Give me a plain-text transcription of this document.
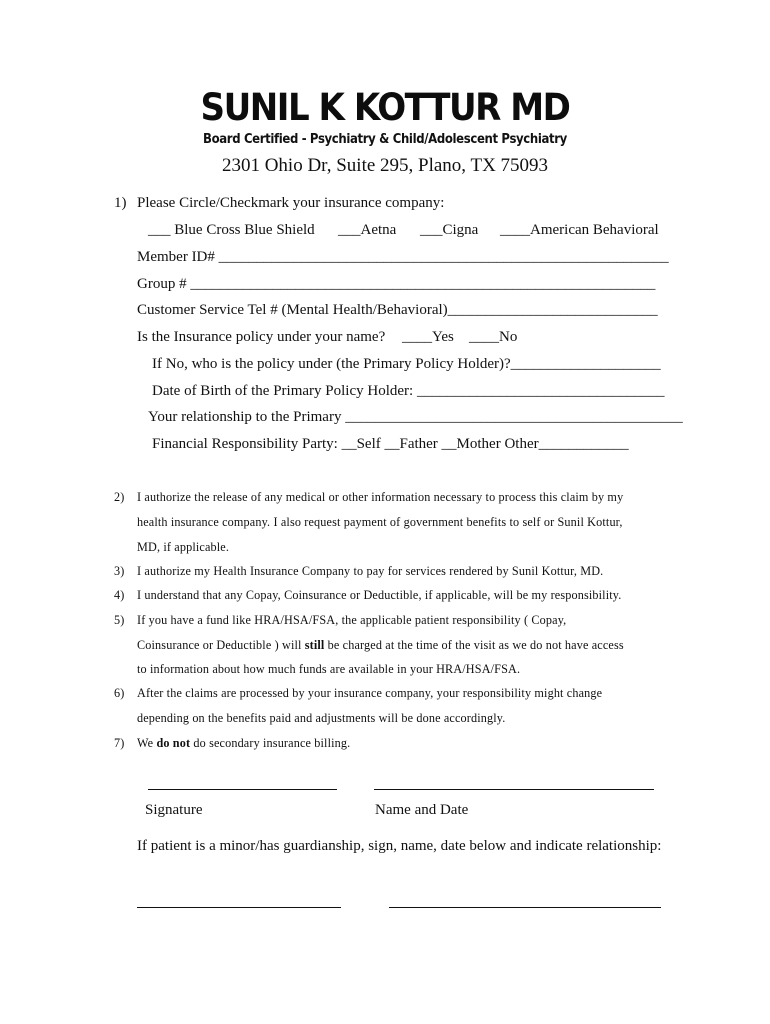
SUNIL K KOTTUR MD
Board Certified - Psychiatry & Child/Adolescent Psychiatry
2301 Ohio Dr, Suite 295, Plano, TX 75093
1) Please Circle/Checkmark your insurance company:
___ Blue Cross Blue Shield ___Aetna ___Cigna ____American Behavioral
Member ID# ____________________________________________________________
Group # ______________________________________________________________
Customer Service Tel # (Mental Health/Behavioral)____________________________
Is the Insurance policy under your name? ____Yes ____No
If No, who is the policy under (the Primary Policy Holder)?____________________
Date of Birth of the Primary Policy Holder: _________________________________
Your relationship to the Primary _____________________________________________
Financial Responsibility Party: __Self __Father __Mother Other____________
2) I authorize the release of any medical or other information necessary to process this claim by my
health insurance company. I also request payment of government benefits to self or Sunil Kottur,
MD, if applicable.
3) I authorize my Health Insurance Company to pay for services rendered by Sunil Kottur, MD.
4) I understand that any Copay, Coinsurance or Deductible, if applicable, will be my responsibility.
5) If you have a fund like HRA/HSA/FSA, the applicable patient responsibility ( Copay,
Coinsurance or Deductible ) will still be charged at the time of the visit as we do not have access
to information about how much funds are available in your HRA/HSA/FSA.
6) After the claims are processed by your insurance company, your responsibility might change
depending on the benefits paid and adjustments will be done accordingly.
7) We do not do secondary insurance billing.
Signature	Name and Date
If patient is a minor/has guardianship, sign, name, date below and indicate relationship:
